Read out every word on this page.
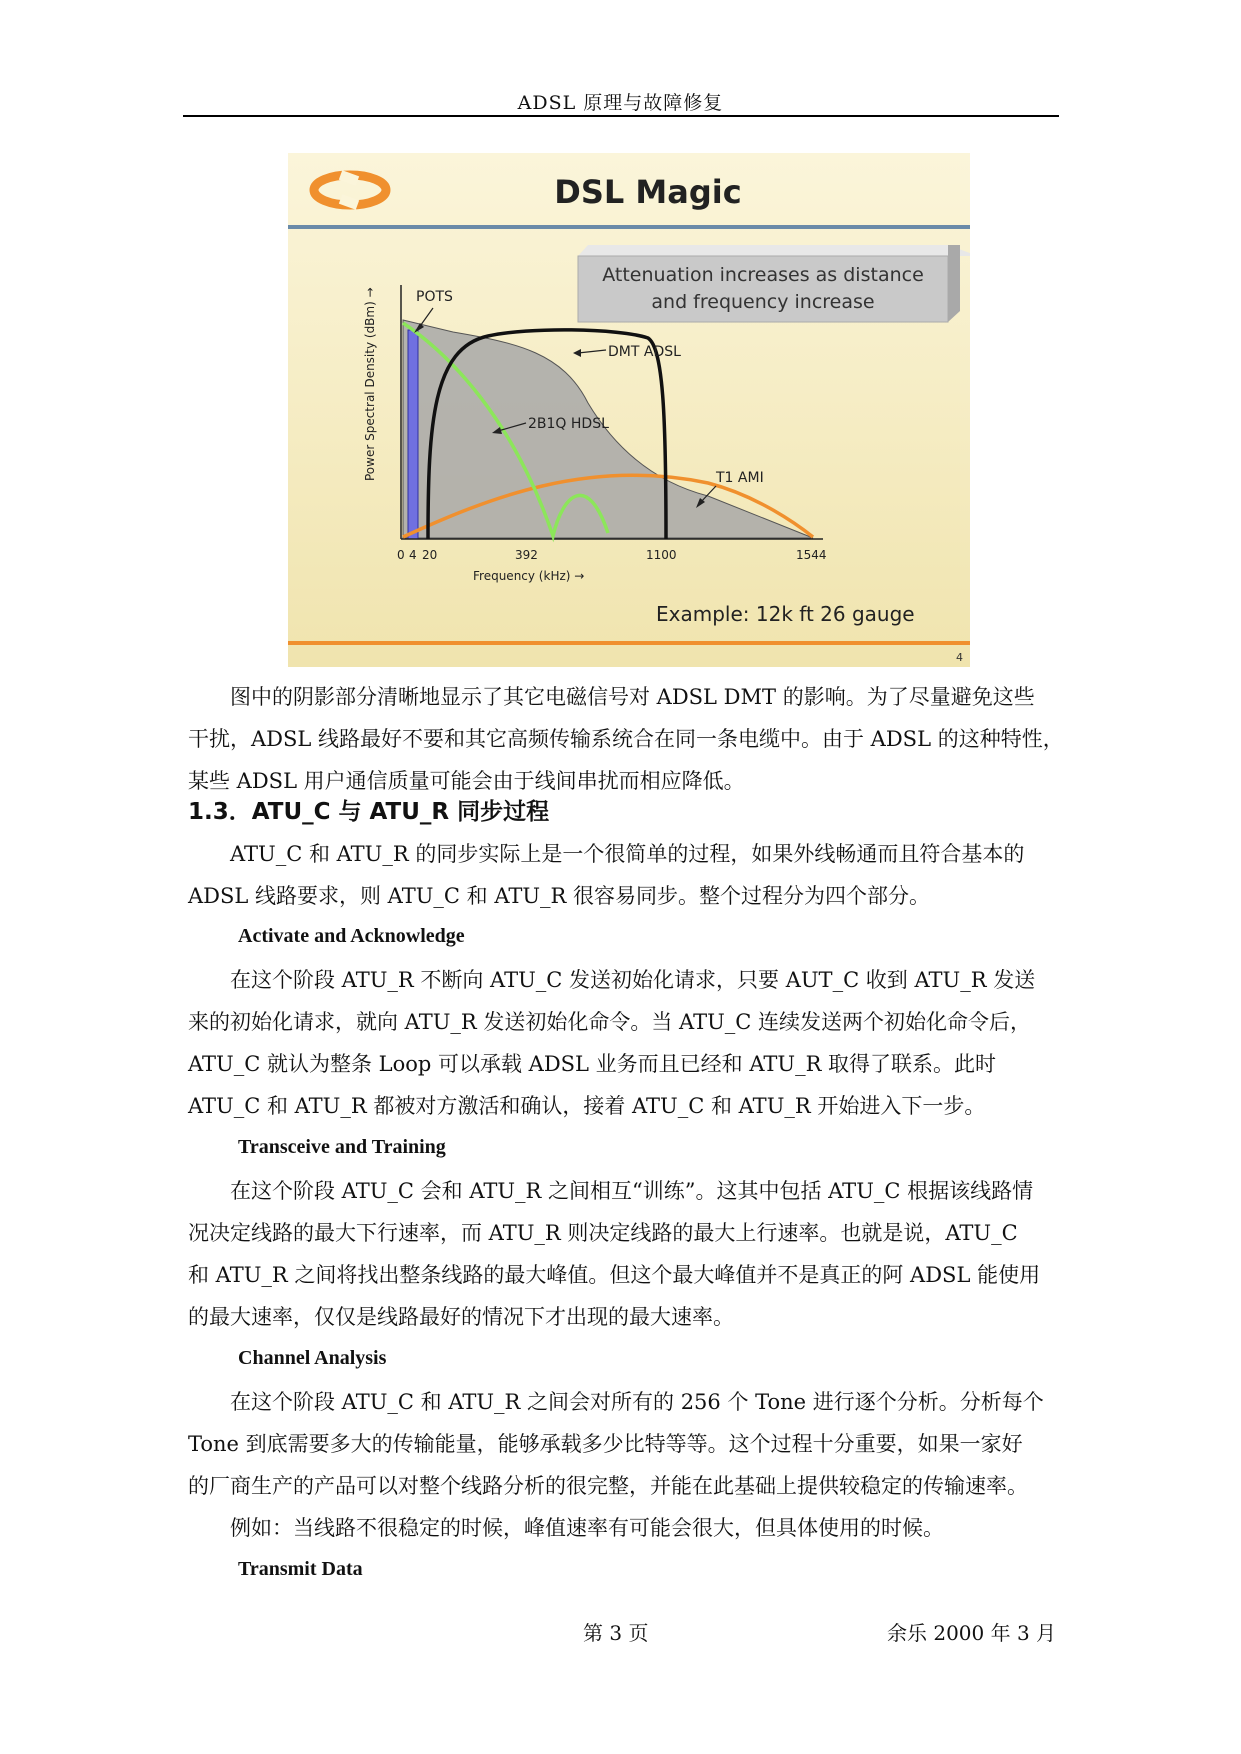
ADSL 原理与故障修复
DSL Magic
Attenuation increases as distance
and frequency increase
POTS
DMT ADSL
2B1Q HDSL
T1 AMI
Power Spectral Density (dBm) →
0 4 20	392	1100	1544
Frequency (kHz) →
Example: 12k ft 26 gauge
4
图中的阴影部分清晰地显示了其它电磁信号对 ADSL DMT 的影响。为了尽量避免这些
干扰，ADSL 线路最好不要和其它高频传输系统合在同一条电缆中。由于 ADSL 的这种特性，
某些 ADSL 用户通信质量可能会由于线间串扰而相应降低。
1.3．ATU_C 与 ATU_R 同步过程
ATU_C 和 ATU_R 的同步实际上是一个很简单的过程，如果外线畅通而且符合基本的
ADSL 线路要求，则 ATU_C 和 ATU_R 很容易同步。整个过程分为四个部分。
Activate and Acknowledge
在这个阶段 ATU_R 不断向 ATU_C 发送初始化请求，只要 AUT_C 收到 ATU_R 发送
来的初始化请求，就向 ATU_R 发送初始化命令。当 ATU_C 连续发送两个初始化命令后，
ATU_C 就认为整条 Loop 可以承载 ADSL 业务而且已经和 ATU_R 取得了联系。此时
ATU_C 和 ATU_R 都被对方激活和确认，接着 ATU_C 和 ATU_R 开始进入下一步。
Transceive and Training
在这个阶段 ATU_C 会和 ATU_R 之间相互“训练”。这其中包括 ATU_C 根据该线路情
况决定线路的最大下行速率，而 ATU_R 则决定线路的最大上行速率。也就是说，ATU_C
和 ATU_R 之间将找出整条线路的最大峰值。但这个最大峰值并不是真正的阿 ADSL 能使用
的最大速率，仅仅是线路最好的情况下才出现的最大速率。
Channel Analysis
在这个阶段 ATU_C 和 ATU_R 之间会对所有的 256 个 Tone 进行逐个分析。分析每个
Tone 到底需要多大的传输能量，能够承载多少比特等等。这个过程十分重要，如果一家好
的厂商生产的产品可以对整个线路分析的很完整，并能在此基础上提供较稳定的传输速率。
例如：当线路不很稳定的时候，峰值速率有可能会很大，但具体使用的时候。
Transmit Data
第 3 页	余乐 2000 年 3 月
